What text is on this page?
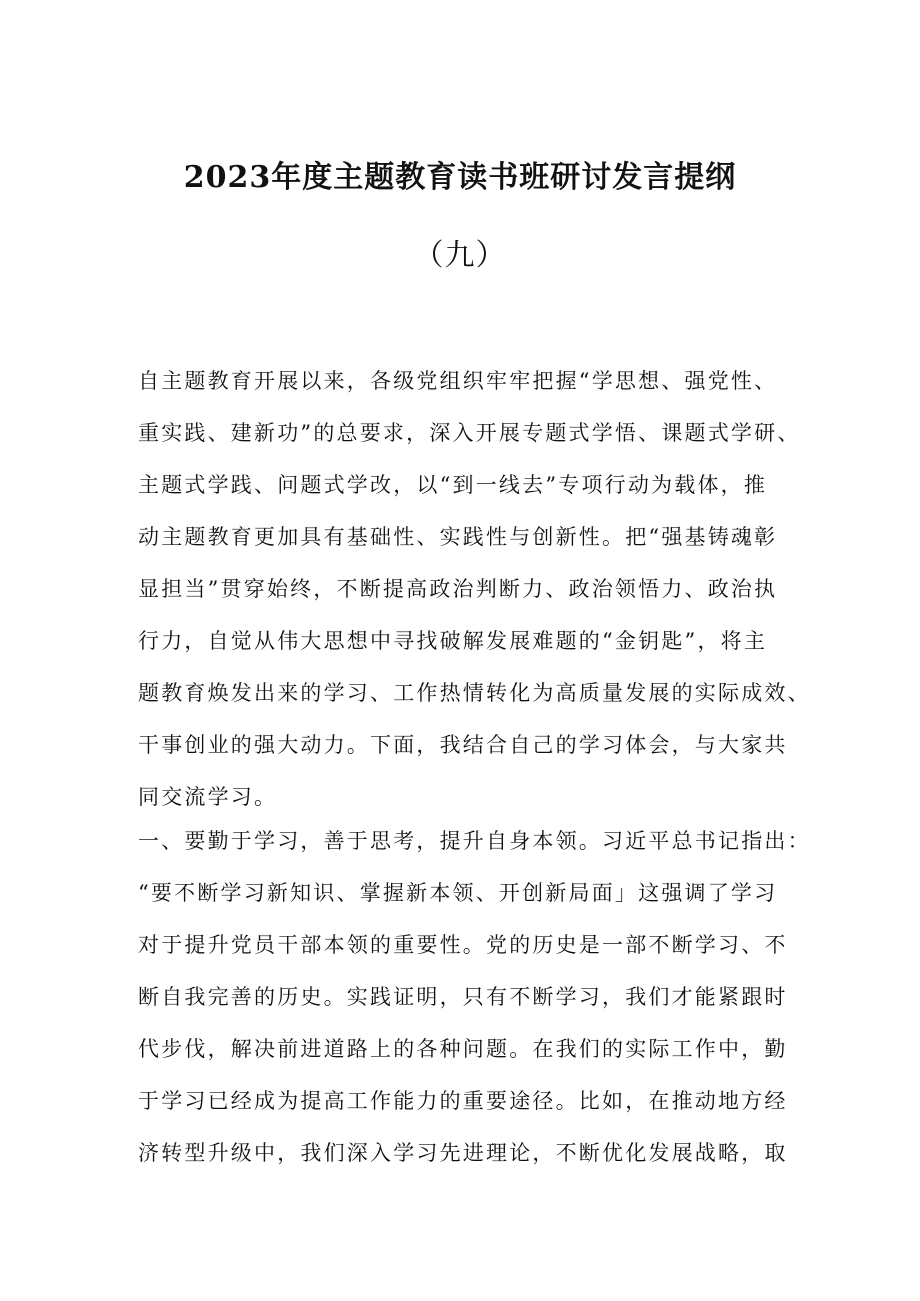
2023年度主题教育读书班研讨发言提纲
（九）
自主题教育开展以来，各级党组织牢牢把握“学思想、强党性、
重实践、建新功”的总要求，深入开展专题式学悟、课题式学研、
主题式学践、问题式学改，以“到一线去”专项行动为载体，推
动主题教育更加具有基础性、实践性与创新性。把“强基铸魂彰
显担当”贯穿始终，不断提高政治判断力、政治领悟力、政治执
行力，自觉从伟大思想中寻找破解发展难题的“金钥匙”，将主
题教育焕发出来的学习、工作热情转化为高质量发展的实际成效、
干事创业的强大动力。下面，我结合自己的学习体会，与大家共
同交流学习。
一、要勤于学习，善于思考，提升自身本领。习近平总书记指出：
“要不断学习新知识、掌握新本领、开创新局面」这强调了学习
对于提升党员干部本领的重要性。党的历史是一部不断学习、不
断自我完善的历史。实践证明，只有不断学习，我们才能紧跟时
代步伐，解决前进道路上的各种问题。在我们的实际工作中，勤
于学习已经成为提高工作能力的重要途径。比如，在推动地方经
济转型升级中，我们深入学习先进理论，不断优化发展战略，取
